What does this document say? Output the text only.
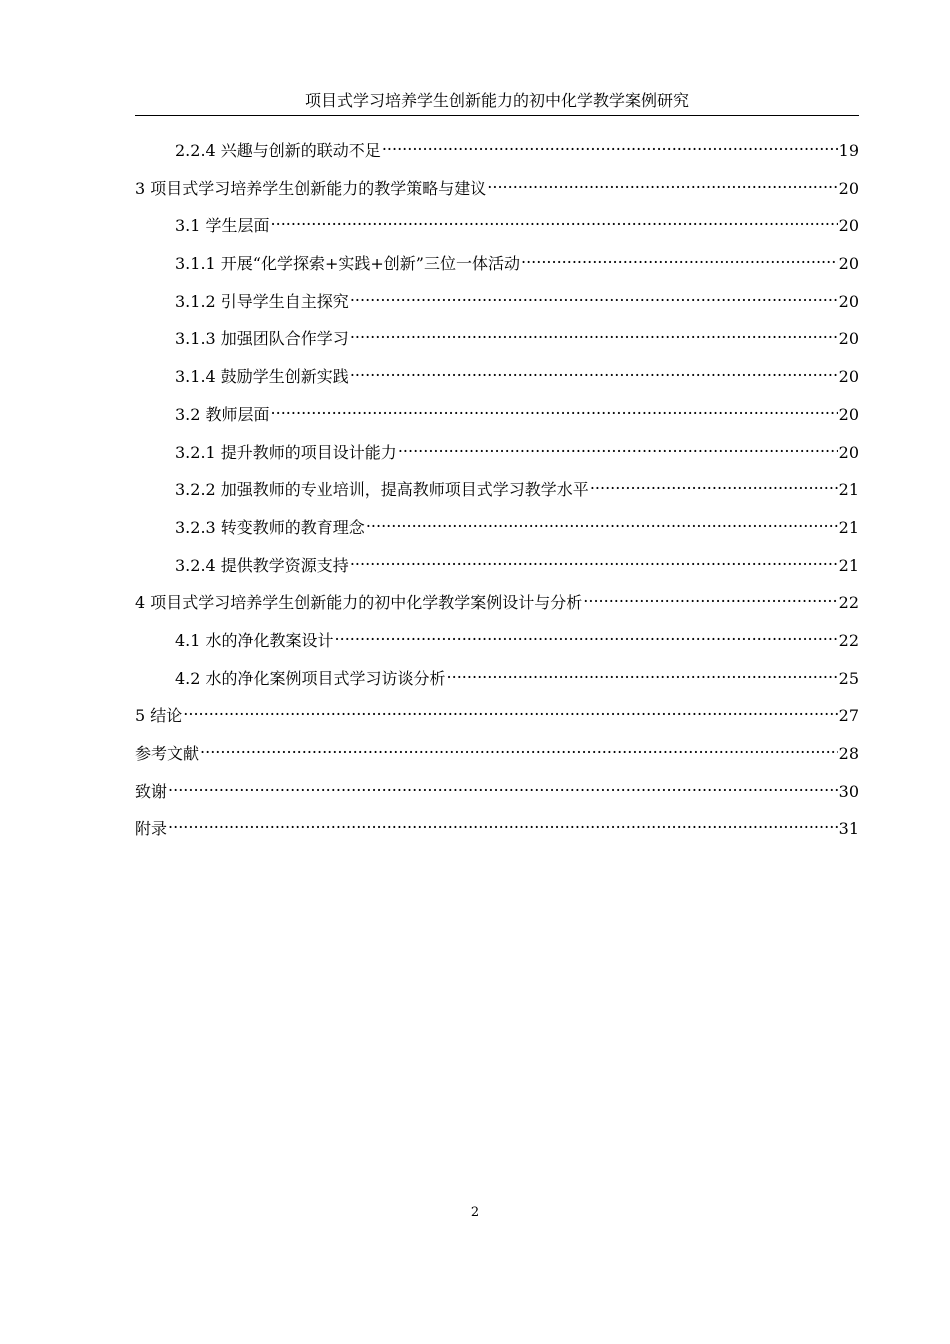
项目式学习培养学生创新能力的初中化学教学案例研究
2.2.4 兴趣与创新的联动不足 .....	19
3 项目式学习培养学生创新能力的教学策略与建议 .....	20
3.1 学生层面 .....	20
3.1.1 开展“化学探索+实践+创新”三位一体活动 .....	20
3.1.2 引导学生自主探究 .....	20
3.1.3 加强团队合作学习 .....	20
3.1.4 鼓励学生创新实践 .....	20
3.2 教师层面 .....	20
3.2.1 提升教师的项目设计能力 .....	20
3.2.2 加强教师的专业培训，提高教师项目式学习教学水平 .....	21
3.2.3 转变教师的教育理念 .....	21
3.2.4 提供教学资源支持 .....	21
4 项目式学习培养学生创新能力的初中化学教学案例设计与分析 .....	22
4.1 水的净化教案设计 .....	22
4.2 水的净化案例项目式学习访谈分析 .....	25
5 结论 .....	27
参考文献 .....	28
致谢 .....	30
附录 .....	31
2
